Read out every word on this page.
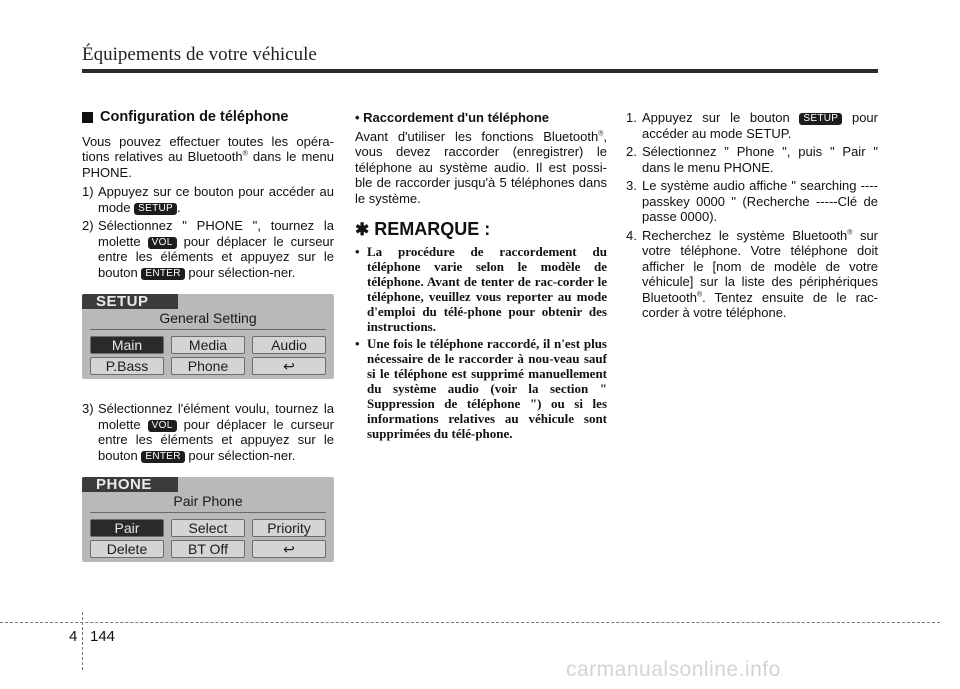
Équipements de votre véhicule
Configuration de téléphone

Vous pouvez effectuer toutes les opéra-tions relatives au Bluetooth® dans le menu PHONE.

1) Appuyez sur ce bouton pour accéder au mode SETUP .
2) Sélectionnez " PHONE ", tournez la molette VOL pour déplacer le curseur entre les éléments et appuyez sur le bouton ENTER pour sélection-ner.
SETUP
General Setting
Main	Media	Audio
P.Bass	Phone	↩
3) Sélectionnez l'élément voulu, tournez la molette VOL pour déplacer le curseur entre les éléments et appuyez sur le bouton ENTER pour sélection-ner.
PHONE
Pair Phone
Pair	Select	Priority
Delete	BT Off	↩
• Raccordement d'un téléphone

Avant d'utiliser les fonctions Bluetooth®, vous devez raccorder (enregistrer) le téléphone au système audio. Il est possi-ble de raccorder jusqu'à 5 téléphones dans le système.

✱ REMARQUE :
• La procédure de raccordement du téléphone varie selon le modèle de téléphone. Avant de tenter de rac-corder le téléphone, veuillez vous reporter au mode d'emploi du télé-phone pour obtenir des instructions.
• Une fois le téléphone raccordé, il n'est plus nécessaire de le raccorder à nou-veau sauf si le téléphone est supprimé manuellement du système audio (voir la section " Suppression de téléphone ") ou si les informations relatives au véhicule sont supprimées du télé-phone.
1. Appuyez sur le bouton SETUP pour accéder au mode SETUP.
2. Sélectionnez " Phone ", puis " Pair " dans le menu PHONE.
3. Le système audio affiche " searching ---- passkey 0000 " (Recherche -----Clé de passe 0000).
4. Recherchez le système Bluetooth® sur votre téléphone. Votre téléphone doit afficher le [nom de modèle de votre véhicule] sur la liste des périphériques Bluetooth®. Tentez ensuite de le rac-corder à votre téléphone.
4 144
carmanualsonline.info
